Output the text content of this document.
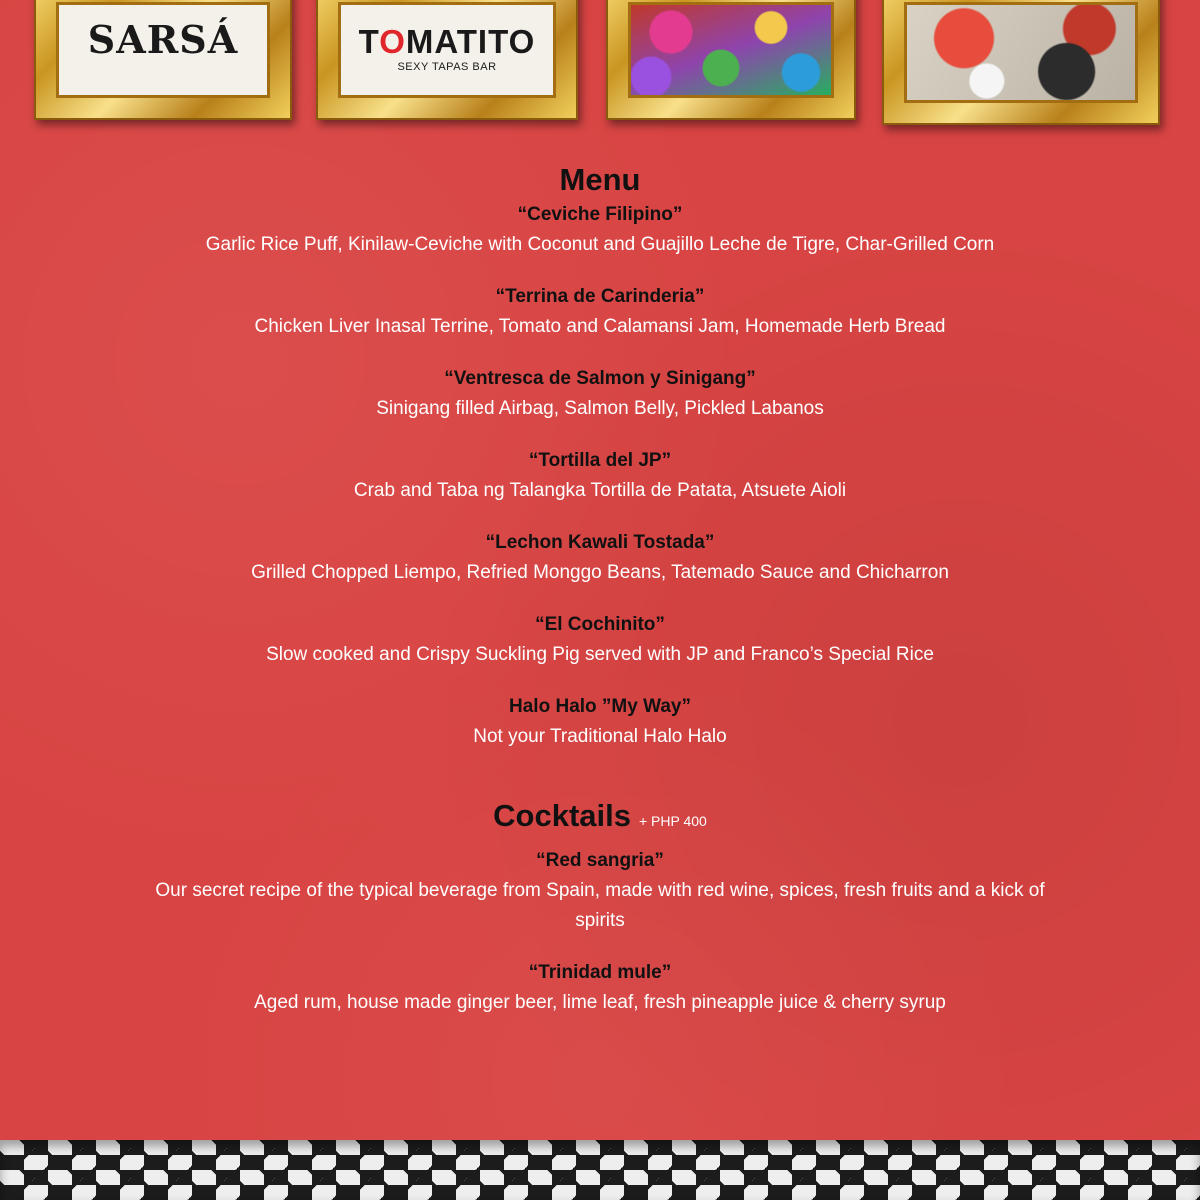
SARSÁ	TOMATITO
SEXY TAPAS BAR
Menu
“Ceviche Filipino”
Garlic Rice Puff, Kinilaw-Ceviche with Coconut and Guajillo Leche de Tigre, Char-Grilled Corn
“Terrina de Carinderia”
Chicken Liver Inasal Terrine, Tomato and Calamansi Jam, Homemade Herb Bread
“Ventresca de Salmon y Sinigang”
Sinigang filled Airbag, Salmon Belly, Pickled Labanos
“Tortilla del JP”
Crab and Taba ng Talangka Tortilla de Patata, Atsuete Aioli
“Lechon Kawali Tostada”
Grilled Chopped Liempo, Refried Monggo Beans, Tatemado Sauce and Chicharron
“El Cochinito”
Slow cooked and Crispy Suckling Pig served with JP and Franco’s Special Rice
Halo Halo ”My Way”
Not your Traditional Halo Halo
Cocktails + PHP 400
“Red sangria”
Our secret recipe of the typical beverage from Spain, made with red wine, spices, fresh fruits and a kick of spirits
“Trinidad mule”
Aged rum, house made ginger beer, lime leaf, fresh pineapple juice & cherry syrup
